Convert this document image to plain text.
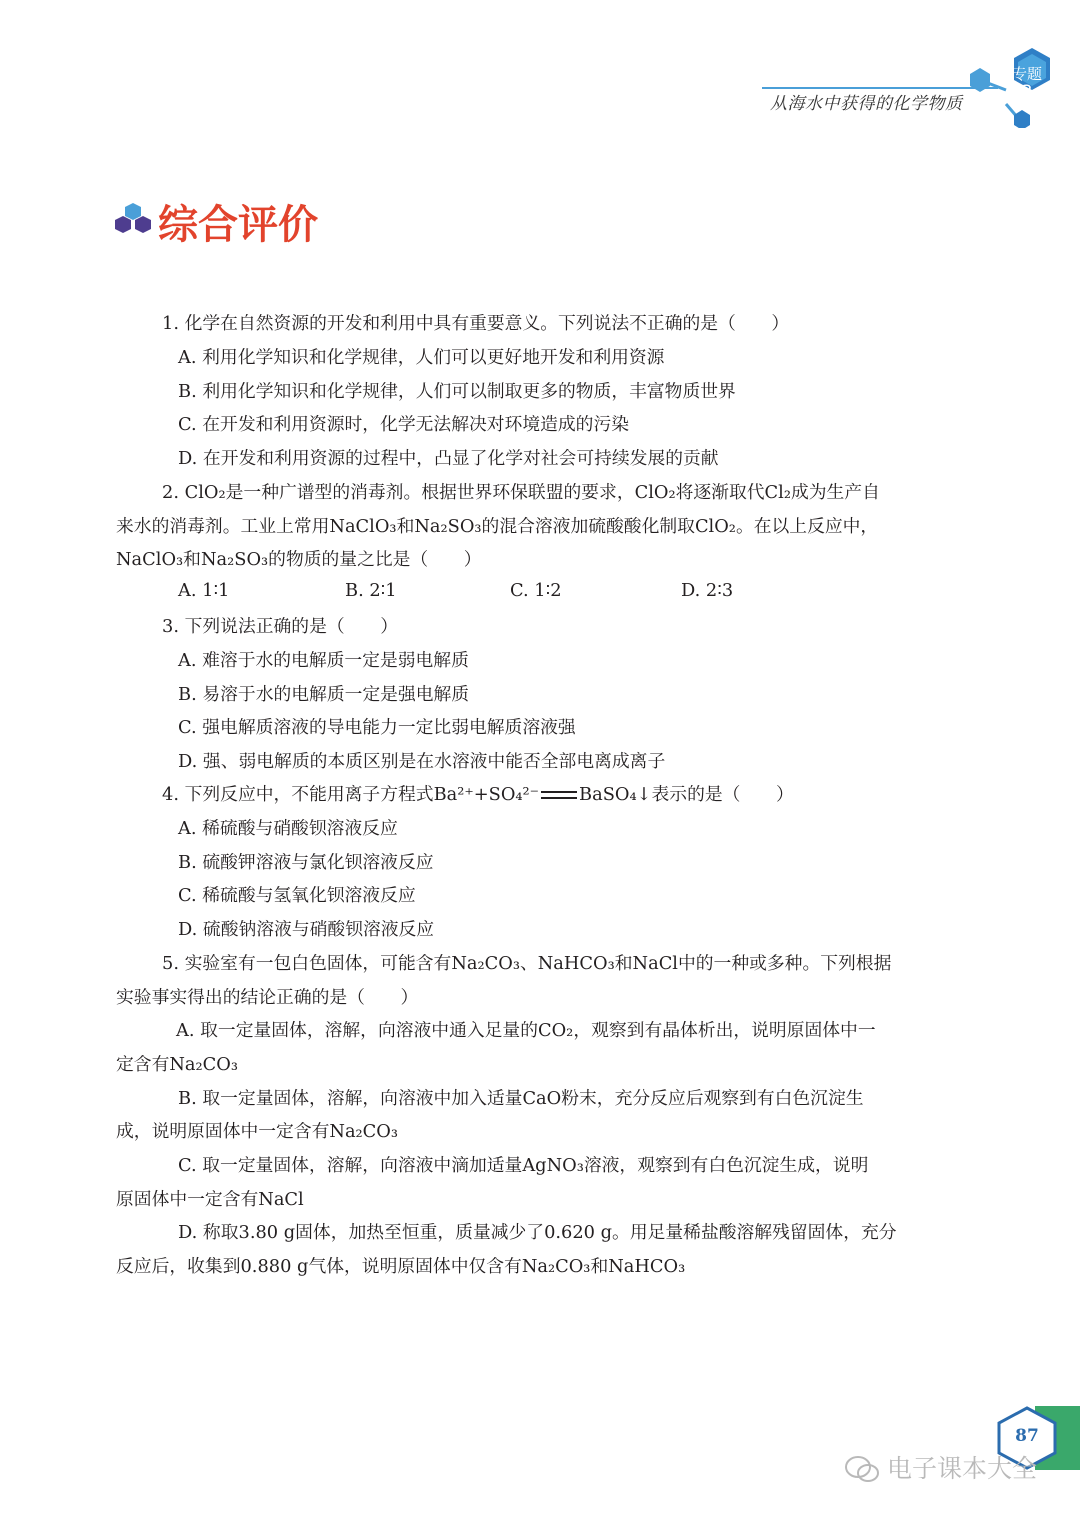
从海水中获得的化学物质
专题
3
综合评价
1. 化学在自然资源的开发和利用中具有重要意义。下列说法不正确的是（　　）
A. 利用化学知识和化学规律，人们可以更好地开发和利用资源
B. 利用化学知识和化学规律，人们可以制取更多的物质，丰富物质世界
C. 在开发和利用资源时，化学无法解决对环境造成的污染
D. 在开发和利用资源的过程中，凸显了化学对社会可持续发展的贡献
2. ClO₂是一种广谱型的消毒剂。根据世界环保联盟的要求，ClO₂将逐渐取代Cl₂成为生产自
来水的消毒剂。工业上常用NaClO₃和Na₂SO₃的混合溶液加硫酸酸化制取ClO₂。在以上反应中，
NaClO₃和Na₂SO₃的物质的量之比是（　　）
A. 1∶1	B. 2∶1	C. 1∶2	D. 2∶3
3. 下列说法正确的是（　　）
A. 难溶于水的电解质一定是弱电解质
B. 易溶于水的电解质一定是强电解质
C. 强电解质溶液的导电能力一定比弱电解质溶液强
D. 强、弱电解质的本质区别是在水溶液中能否全部电离成离子
4. 下列反应中，不能用离子方程式Ba²⁺+SO₄²⁻ BaSO₄↓表示的是（　　）
A. 稀硫酸与硝酸钡溶液反应
B. 硫酸钾溶液与氯化钡溶液反应
C. 稀硫酸与氢氧化钡溶液反应
D. 硫酸钠溶液与硝酸钡溶液反应
5. 实验室有一包白色固体，可能含有Na₂CO₃、NaHCO₃和NaCl中的一种或多种。下列根据
实验事实得出的结论正确的是（　　）
A. 取一定量固体，溶解，向溶液中通入足量的CO₂，观察到有晶体析出，说明原固体中一
定含有Na₂CO₃
B. 取一定量固体，溶解，向溶液中加入适量CaO粉末，充分反应后观察到有白色沉淀生
成，说明原固体中一定含有Na₂CO₃
C. 取一定量固体，溶解，向溶液中滴加适量AgNO₃溶液，观察到有白色沉淀生成，说明
原固体中一定含有NaCl
D. 称取3.80 g固体，加热至恒重，质量减少了0.620 g。用足量稀盐酸溶解残留固体，充分
反应后，收集到0.880 g气体，说明原固体中仅含有Na₂CO₃和NaHCO₃
87
电子课本大全
